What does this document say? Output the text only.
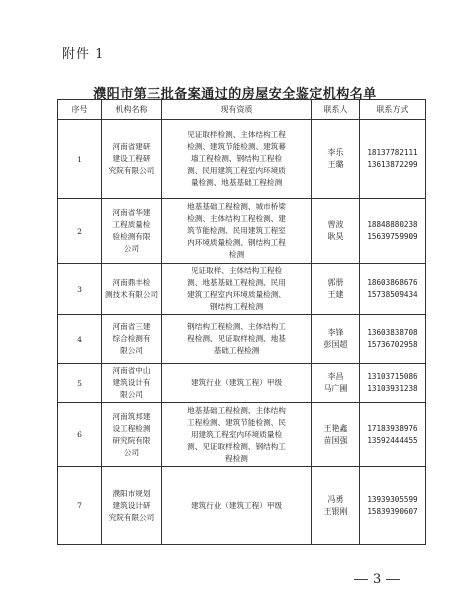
附件 1
濮阳市第三批备案通过的房屋安全鉴定机构名单
序号	机构名称	现有资质	联系人	联系方式
1	河南省建研
建设工程研
究院有限公司	见证取样检测、主体结构工程
检测、建筑节能检测、建筑幕
墙工程检测、钢结构工程检
测、民用建筑工程室内环境质
量检测、地基基础工程检测	李乐
王璐	18137782111
13613872299

2	河南省华建
工程质量检
验检测有限
公司	地基基础工程检测、城市桥梁
检测、主体结构工程检测、建
筑节能检测、民用建筑工程室
内环境质量检测、钢结构工程
检测	曾波
耿昊	18848880238
15639759909

3	河南鼎丰检
测技术有限公司	见证取样、主体结构工程检
测、地基基础工程检测、民用
建筑工程室内环境质量检测、
钢结构工程检测	郭册
王建	18603868676
15738509434

4	河南省三建
综合检测有
限公司	钢结构工程检测、主体结构工
程检测、见证取样检测、地基
基础工程检测	李锋
彭国超	13603838708
15736702958

5	河南省中山
建筑设计有
限公司	建筑行业（建筑工程）甲级	李昌
马广圃	13103715086
13103931238

6	河南筑邦建
设工程检测
研究院有限
公司	地基基础工程检测、主体结构
工程检测、建筑节能检测、民
用建筑工程室内环境质量检
测、见证取样检测、钢结构工
程检测	王艳鑫
苗国强	17183938976
13592444455

7	濮阳市规划
建筑设计研
究院有限公司	建筑行业（建筑工程）甲级	冯勇
王银刚	13939305599
15839390607
3
